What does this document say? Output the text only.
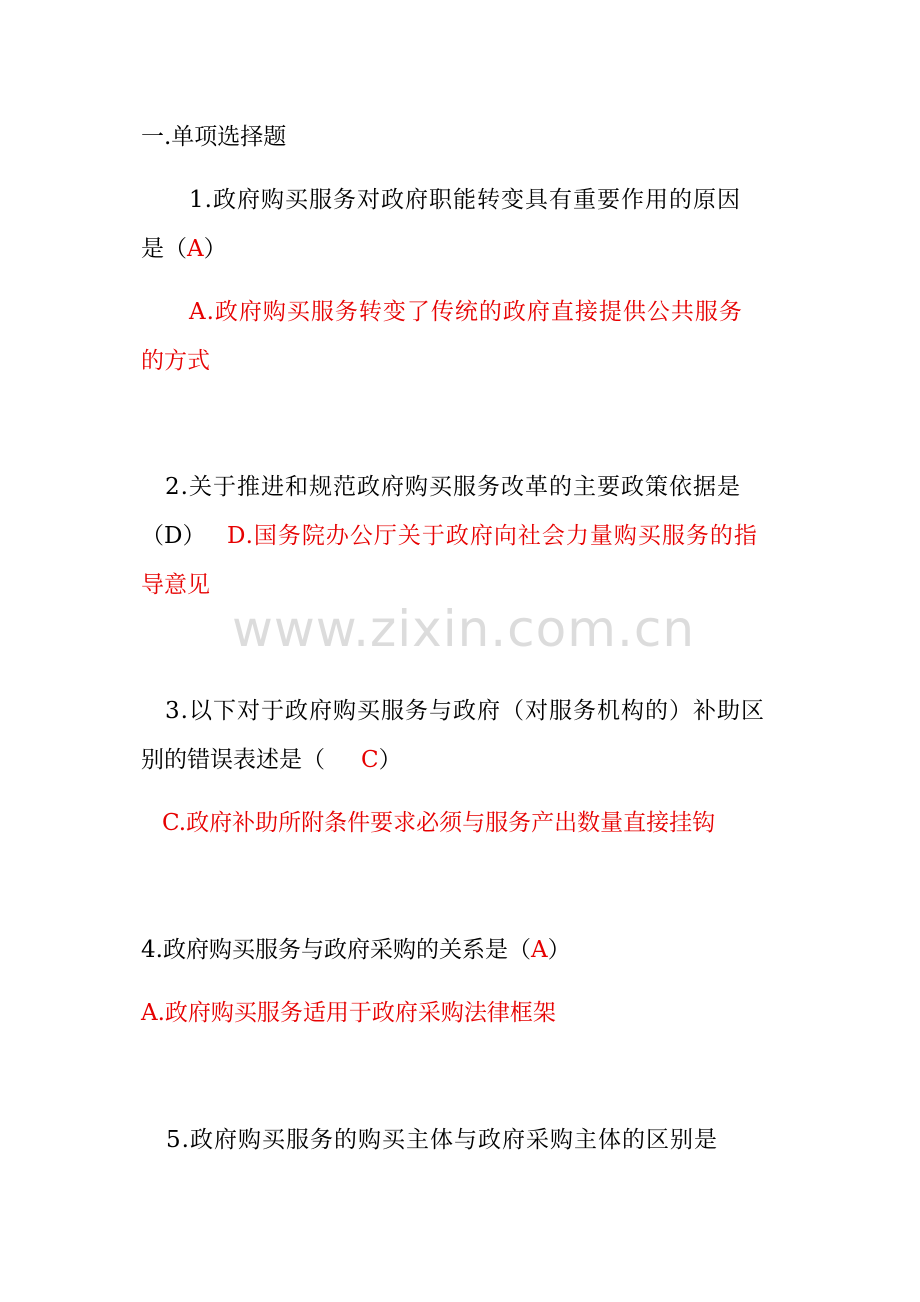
一.单项选择题
1.政府购买服务对政府职能转变具有重要作用的原因
是（A）
A.政府购买服务转变了传统的政府直接提供公共服务
的方式
2.关于推进和规范政府购买服务改革的主要政策依据是
（D） D.国务院办公厅关于政府向社会力量购买服务的指
导意见
www.zixin.com.cn
3.以下对于政府购买服务与政府（对服务机构的）补助区
别的错误表述是（ C）
C.政府补助所附条件要求必须与服务产出数量直接挂钩
4.政府购买服务与政府采购的关系是（A）
A.政府购买服务适用于政府采购法律框架
5.政府购买服务的购买主体与政府采购主体的区别是
